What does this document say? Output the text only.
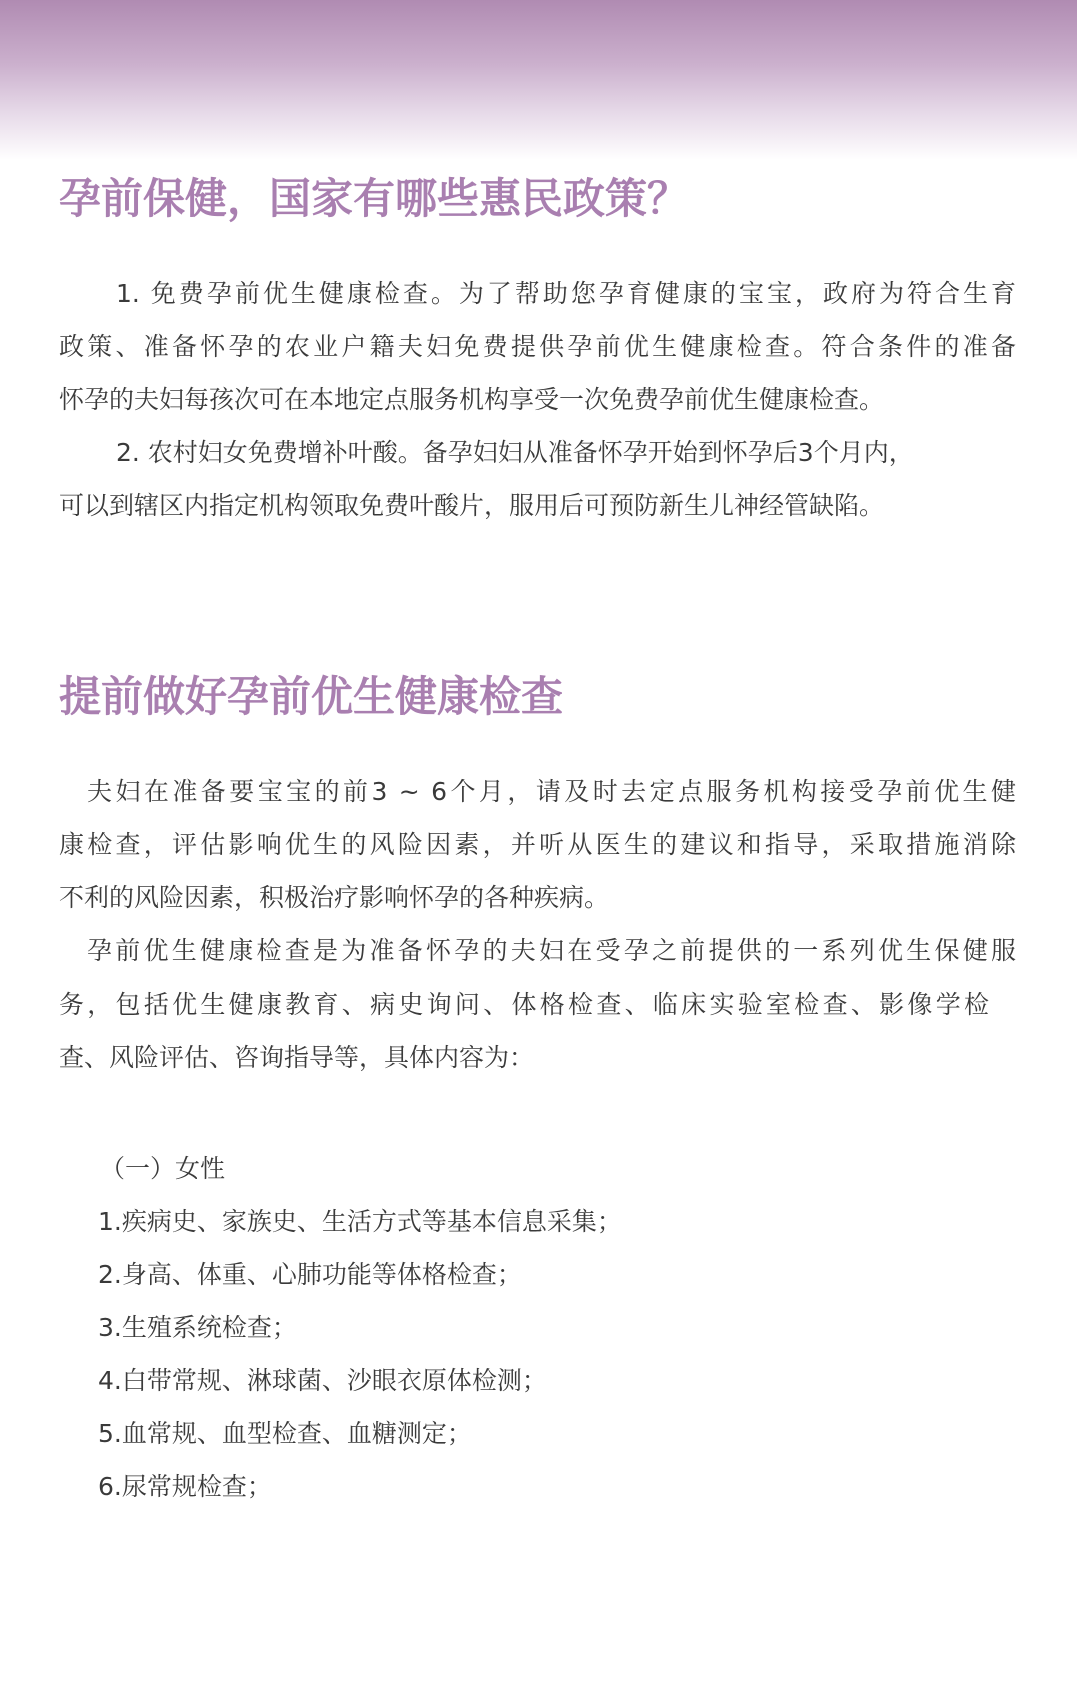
孕前保健，国家有哪些惠民政策？
1. 免费孕前优生健康检查。为了帮助您孕育健康的宝宝，政府为符合生育
政策、准备怀孕的农业户籍夫妇免费提供孕前优生健康检查。符合条件的准备
怀孕的夫妇每孩次可在本地定点服务机构享受一次免费孕前优生健康检查。
2. 农村妇女免费增补叶酸。备孕妇妇从准备怀孕开始到怀孕后3个月内，
可以到辖区内指定机构领取免费叶酸片，服用后可预防新生儿神经管缺陷。
提前做好孕前优生健康检查
夫妇在准备要宝宝的前3 ~ 6个月，请及时去定点服务机构接受孕前优生健
康检查，评估影响优生的风险因素，并听从医生的建议和指导，采取措施消除
不利的风险因素，积极治疗影响怀孕的各种疾病。
孕前优生健康检查是为准备怀孕的夫妇在受孕之前提供的一系列优生保健服
务，包括优生健康教育、病史询问、体格检查、临床实验室检查、影像学检
查、风险评估、咨询指导等，具体内容为：
（一）女性
1.疾病史、家族史、生活方式等基本信息采集；
2.身高、体重、心肺功能等体格检查；
3.生殖系统检查；
4.白带常规、淋球菌、沙眼衣原体检测；
5.血常规、血型检查、血糖测定；
6.尿常规检查；
